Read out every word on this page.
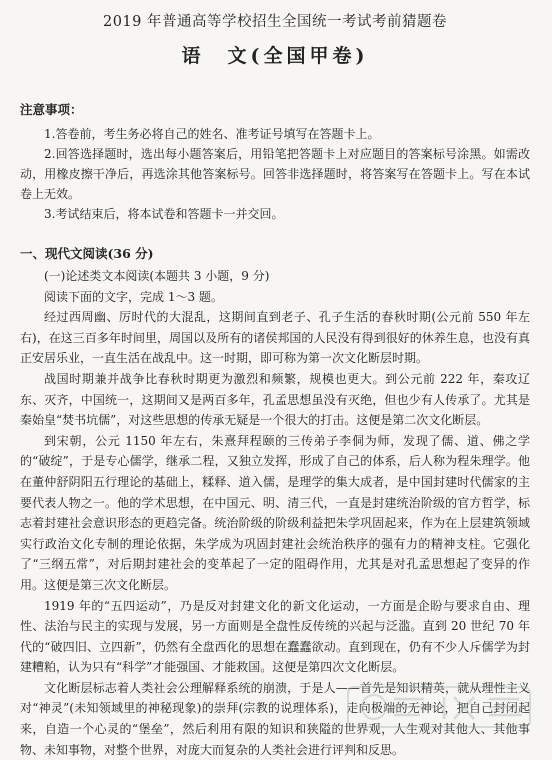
2019 年普通高等学校招生全国统一考试考前猜题卷
语　文(全国甲卷)
注意事项：

1.答卷前，考生务必将自己的姓名、准考证号填写在答题卡上。

2.回答选择题时，选出每小题答案后，用铅笔把答题卡上对应题目的答案标号涂黑。如需改动，用橡皮擦干净后，再选涂其他答案标号。回答非选择题时，将答案写在答题卡上。写在本试卷上无效。

3.考试结束后，将本试卷和答题卡一并交回。

一、现代文阅读(36 分)

(一)论述类文本阅读(本题共 3 小题，9 分)

阅读下面的文字，完成 1～3 题。

经过西周幽、厉时代的大混乱，这期间直到老子、孔子生活的春秋时期(公元前 550 年左右)，在这三百多年时间里，周国以及所有的诸侯邦国的人民没有得到很好的休养生息，也没有真正安居乐业，一直生活在战乱中。这一时期，即可称为第一次文化断层时期。

战国时期兼并战争比春秋时期更为激烈和频繁，规模也更大。到公元前 222 年，秦攻辽东、灭齐，中国统一，这期间又是两百多年，孔孟思想虽没有灭绝，但也少有人传承了。尤其是秦始皇“焚书坑儒”，对这些思想的传承无疑是一个很大的打击。这便是第二次文化断层。

到宋朝，公元 1150 年左右，朱熹拜程颐的三传弟子李侗为师，发现了儒、道、佛之学的“破绽”，于是专心儒学，继承二程，又独立发挥，形成了自己的体系，后人称为程朱理学。他在董仲舒阴阳五行理论的基础上，糅释、道入儒，是理学的集大成者，是中国封建时代儒家的主要代表人物之一。他的学术思想，在中国元、明、清三代，一直是封建统治阶级的官方哲学，标志着封建社会意识形态的更趋完备。统治阶级的阶级利益把朱学巩固起来，作为在上层建筑领域实行政治文化专制的理论依据，朱学成为巩固封建社会统治秩序的强有力的精神支柱。它强化了“三纲五常”，对后期封建社会的变革起了一定的阻碍作用，尤其是对孔孟思想起了变异的作用。这便是第三次文化断层。

1919 年的“五四运动”，乃是反对封建文化的新文化运动，一方面是企盼与要求自由、理性、法治与民主的实现与发展，另一方面则是全盘性反传统的兴起与泛滥。直到 20 世纪 70 年代的“破四旧、立四新”，仍然有全盘西化的思想在蠢蠢欲动。直到现在，仍有不少人斥儒学为封建糟粕，认为只有“科学”才能强国、才能救国。这便是第四次文化断层。

文化断层标志着人类社会公理解释系统的崩溃，于是人——首先是知识精英，就从理性主义对“神灵”(未知领域里的神秘现象)的崇拜(宗教的说理体系)，走向极端的无神论，把自己封闭起来，自造一个心灵的“堡垒”，然后利用有限的知识和狭隘的世界观，人生观对其他人、其他事物、未知事物，对整个世界，对庞大而复杂的人类社会进行评判和反思。
